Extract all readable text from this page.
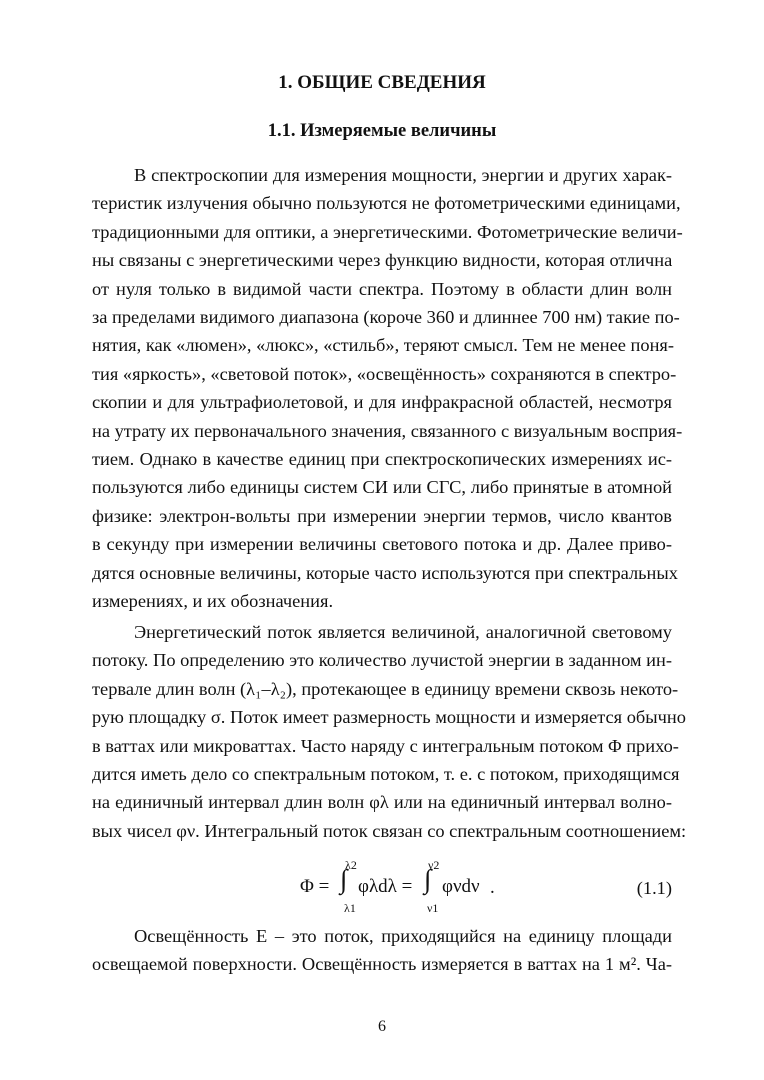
1. ОБЩИЕ СВЕДЕНИЯ
1.1. Измеряемые величины

В спектроскопии для измерения мощности, энергии и других харак-
теристик излучения обычно пользуются не фотометрическими единицами,
традиционными для оптики, а энергетическими. Фотометрические величи-
ны связаны с энергетическими через функцию видности, которая отлична
от нуля только в видимой части спектра. Поэтому в области длин волн
за пределами видимого диапазона (короче 360 и длиннее 700 нм) такие по-
нятия, как «люмен», «люкс», «стильб», теряют смысл. Тем не менее поня-
тия «яркость», «световой поток», «освещённость» сохраняются в спектро-
скопии и для ультрафиолетовой, и для инфракрасной областей, несмотря
на утрату их первоначального значения, связанного с визуальным восприя-
тием. Однако в качестве единиц при спектроскопических измерениях ис-
пользуются либо единицы систем СИ или СГС, либо принятые в атомной
физике: электрон-вольты при измерении энергии термов, число квантов
в секунду при измерении величины светового потока и др. Далее приво-
дятся основные величины, которые часто используются при спектральных
измерениях, и их обозначения.

Энергетический поток является величиной, аналогичной световому
потоку. По определению это количество лучистой энергии в заданном ин-
тервале длин волн (λ₁–λ₂), протекающее в единицу времени сквозь некото-
рую площадку σ. Поток имеет размерность мощности и измеряется обычно
в ваттах или микроваттах. Часто наряду с интегральным потоком Φ прихо-
дится иметь дело со спектральным потоком, т. е. с потоком, приходящимся
на единичный интервал длин волн φλ или на единичный интервал волно-
вых чисел φν. Интегральный поток связан со спектральным соотношением:

Φ = ∫
λ2
λ1
φλdλ = ∫
ν2
ν1
φνdν .	(1.1)

Освещённость E – это поток, приходящийся на единицу площади
освещаемой поверхности. Освещённость измеряется в ваттах на 1 м². Ча-

6
